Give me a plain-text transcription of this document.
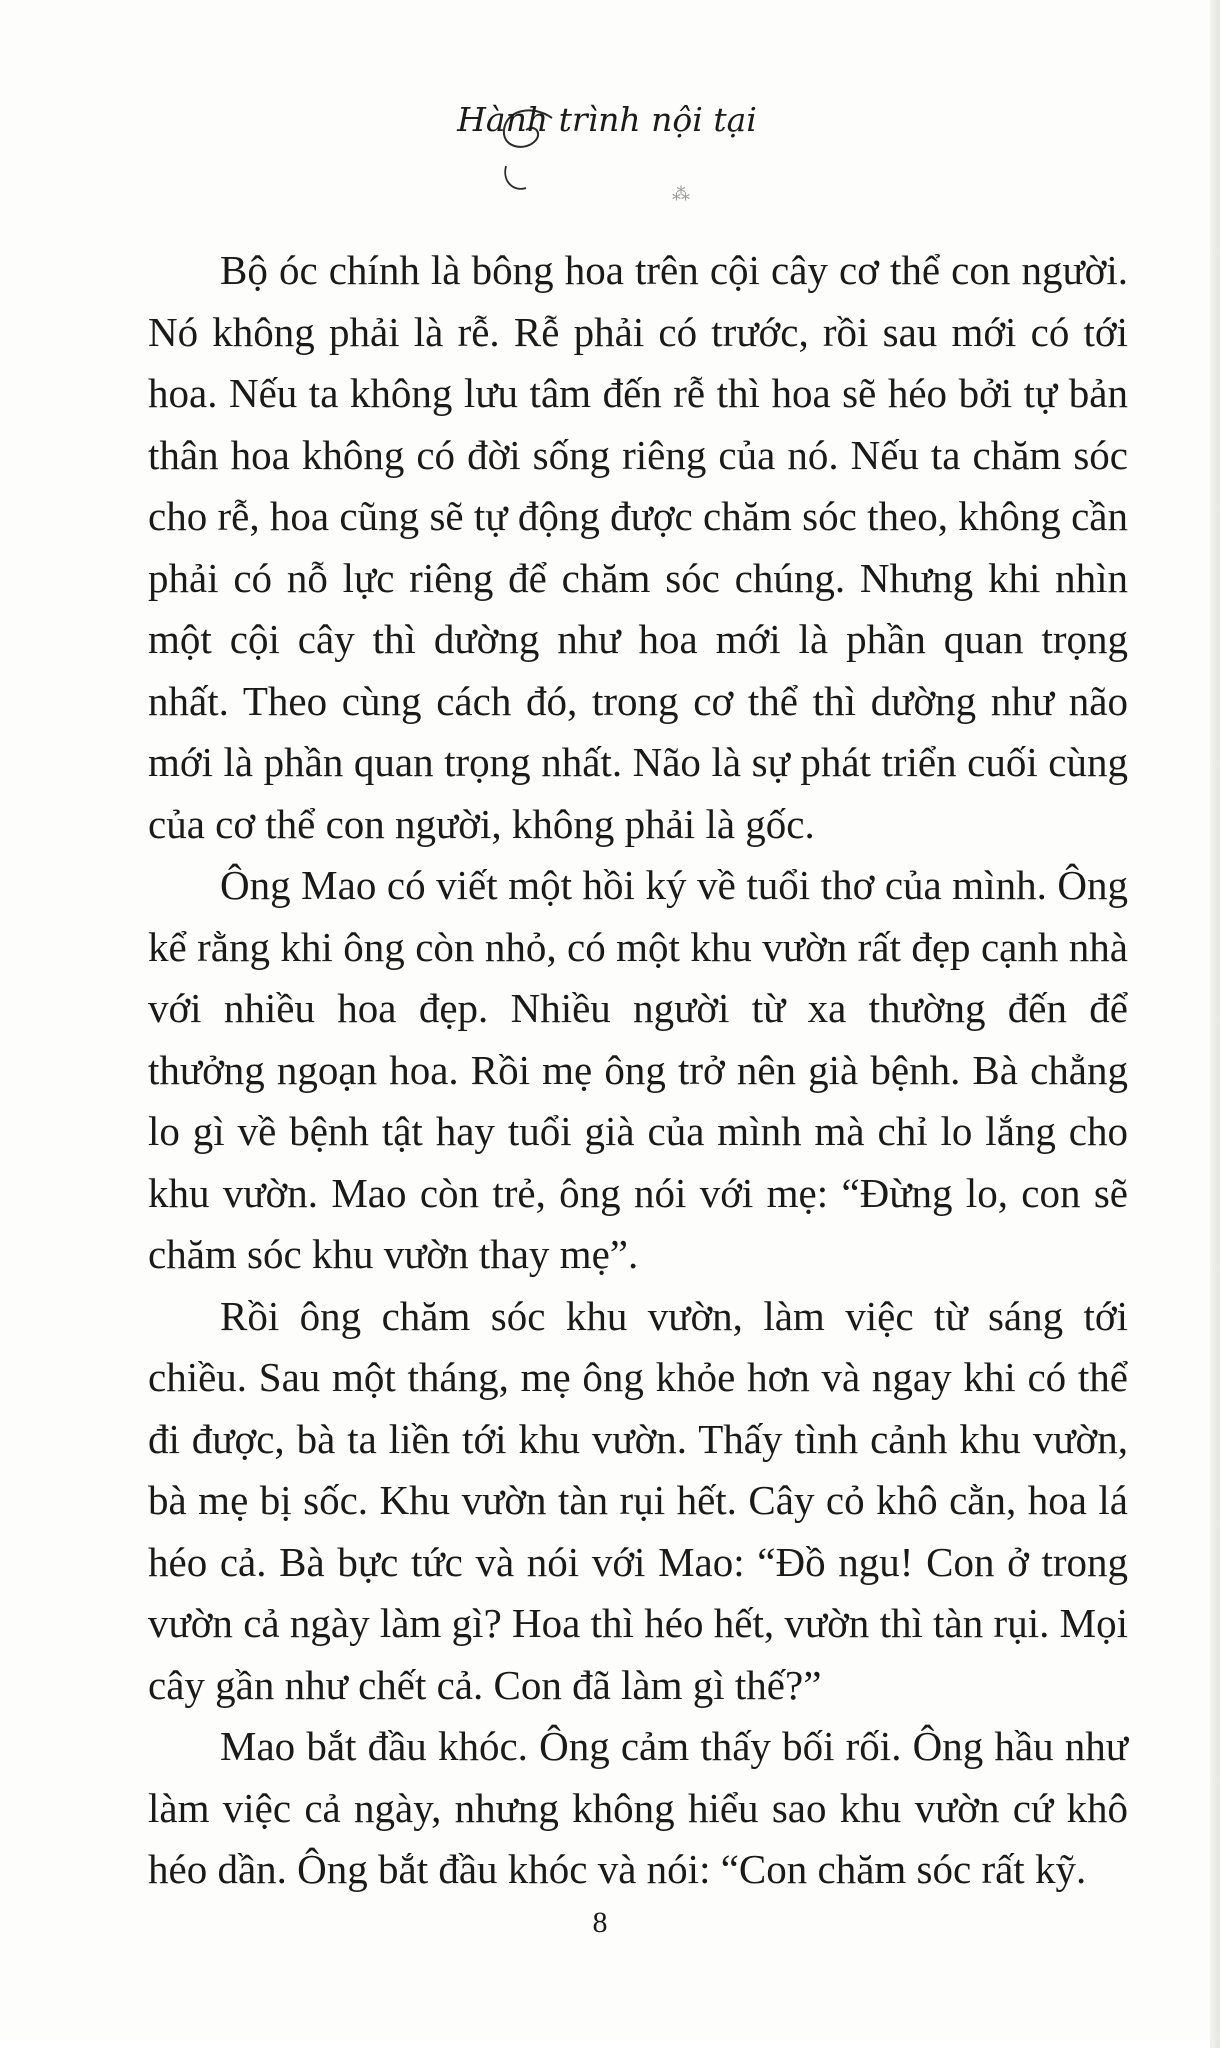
Hành trình nội tại
⁂

Bộ óc chính là bông hoa trên cội cây cơ thể con người. Nó không phải là rễ. Rễ phải có trước, rồi sau mới có tới hoa. Nếu ta không lưu tâm đến rễ thì hoa sẽ héo bởi tự bản thân hoa không có đời sống riêng của nó. Nếu ta chăm sóc cho rễ, hoa cũng sẽ tự động được chăm sóc theo, không cần phải có nỗ lực riêng để chăm sóc chúng. Nhưng khi nhìn một cội cây thì dường như hoa mới là phần quan trọng nhất. Theo cùng cách đó, trong cơ thể thì dường như não mới là phần quan trọng nhất. Não là sự phát triển cuối cùng của cơ thể con người, không phải là gốc.

Ông Mao có viết một hồi ký về tuổi thơ của mình. Ông kể rằng khi ông còn nhỏ, có một khu vườn rất đẹp cạnh nhà với nhiều hoa đẹp. Nhiều người từ xa thường đến để thưởng ngoạn hoa. Rồi mẹ ông trở nên già bệnh. Bà chẳng lo gì về bệnh tật hay tuổi già của mình mà chỉ lo lắng cho khu vườn. Mao còn trẻ, ông nói với mẹ: “Đừng lo, con sẽ chăm sóc khu vườn thay mẹ”.

Rồi ông chăm sóc khu vườn, làm việc từ sáng tới chiều. Sau một tháng, mẹ ông khỏe hơn và ngay khi có thể đi được, bà ta liền tới khu vườn. Thấy tình cảnh khu vườn, bà mẹ bị sốc. Khu vườn tàn rụi hết. Cây cỏ khô cằn, hoa lá héo cả. Bà bực tức và nói với Mao: “Đồ ngu! Con ở trong vườn cả ngày làm gì? Hoa thì héo hết, vườn thì tàn rụi. Mọi cây gần như chết cả. Con đã làm gì thế?”

Mao bắt đầu khóc. Ông cảm thấy bối rối. Ông hầu như làm việc cả ngày, nhưng không hiểu sao khu vườn cứ khô héo dần. Ông bắt đầu khóc và nói: “Con chăm sóc rất kỹ.

8
